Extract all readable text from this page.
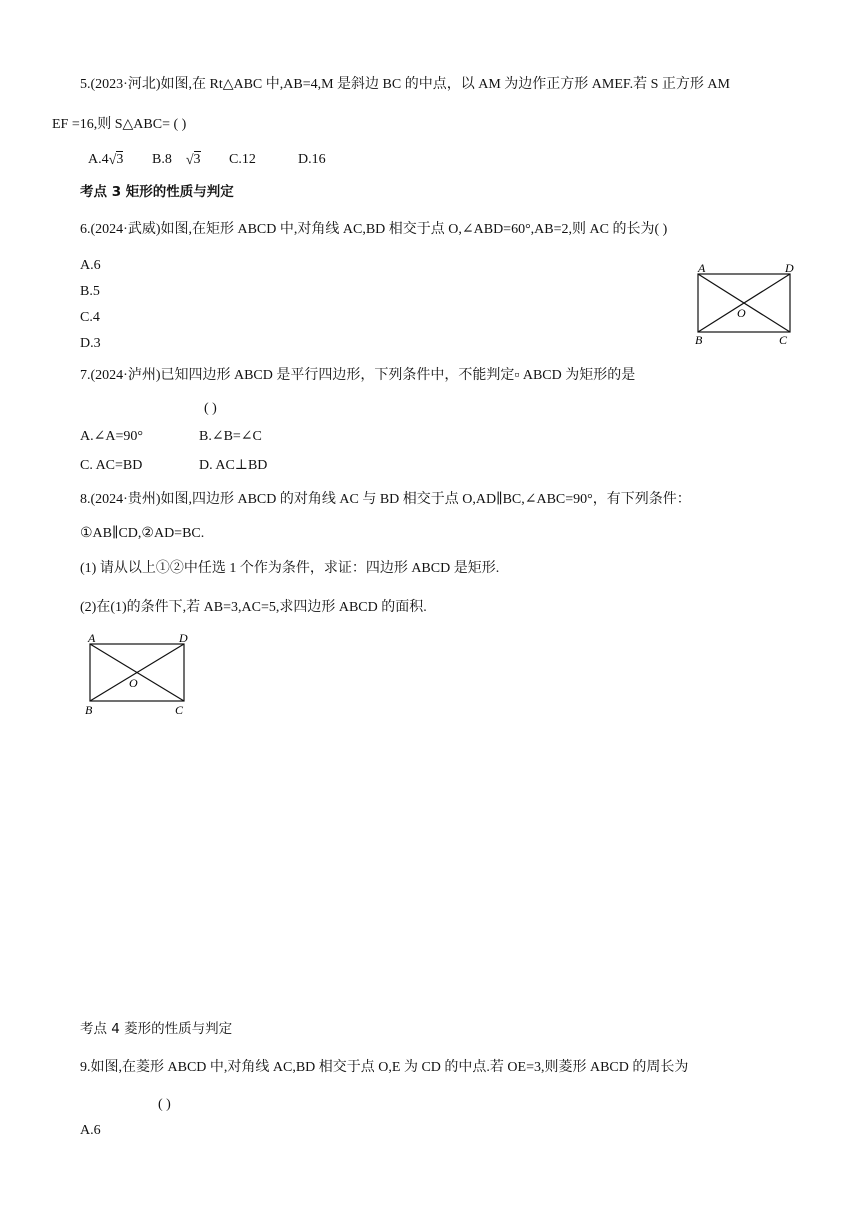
5.(2023·河北)如图,在 Rt△ABC 中,AB=4,M 是斜边 BC 的中点，以 AM 为边作正方形 AMEF.若 S 正方形 AM
EF =16,则 S△ABC= ( )
A.4√3 B.8 √3 C.12	D.16
考点 3 矩形的性质与判定
6.(2024·武威)如图,在矩形 ABCD 中,对角线 AC,BD 相交于点 O,∠ABD=60°,AB=2,则 AC 的长为( )
A.6
B.5
C.4
D.3
A	D
O
B	C
7.(2024·泸州)已知四边形 ABCD 是平行四边形，下列条件中，不能判定▫ ABCD 为矩形的是
( )
A.∠A=90°	B.∠B=∠C
C. AC=BD	D. AC⊥BD
8.(2024·贵州)如图,四边形 ABCD 的对角线 AC 与 BD 相交于点 O,AD∥BC,∠ABC=90°，有下列条件：
①AB∥CD,②AD=BC.
(1) 请从以上①②中任选 1 个作为条件，求证：四边形 ABCD 是矩形.
(2)在(1)的条件下,若 AB=3,AC=5,求四边形 ABCD 的面积.
A	D
O
B	C
考点 4 菱形的性质与判定
9.如图,在菱形 ABCD 中,对角线 AC,BD 相交于点 O,E 为 CD 的中点.若 OE=3,则菱形 ABCD 的周长为
( )
A.6
